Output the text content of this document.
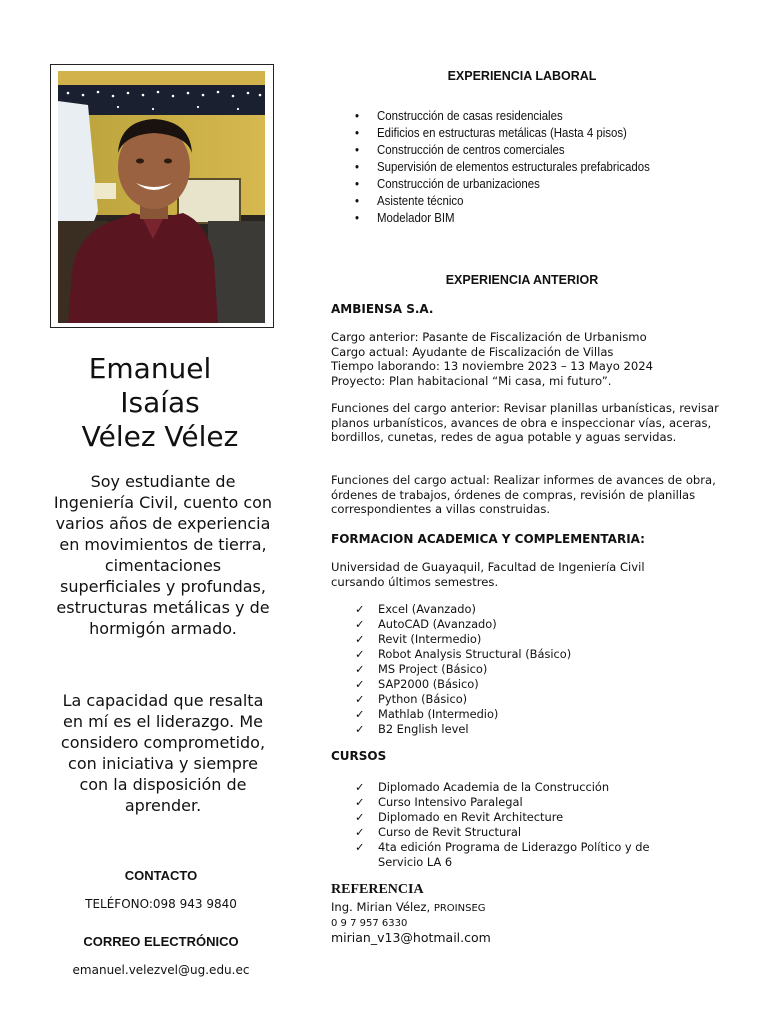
Emanuel
Isaías
Vélez Vélez
Soy estudiante de Ingeniería Civil, cuento con varios años de experiencia en movimientos de tierra, cimentaciones superficiales y profundas, estructuras metálicas y de hormigón armado.
La capacidad que resalta en mí es el liderazgo. Me considero comprometido, con iniciativa y siempre con la disposición de aprender.
CONTACTO
TELÉFONO:098 943 9840
CORREO ELECTRÓNICO
emanuel.velezvel@ug.edu.ec
EXPERIENCIA LABORAL
• Construcción de casas residenciales
• Edificios en estructuras metálicas (Hasta 4 pisos)
• Construcción de centros comerciales
• Supervisión de elementos estructurales prefabricados
• Construcción de urbanizaciones
• Asistente técnico
• Modelador BIM
EXPERIENCIA ANTERIOR
AMBIENSA S.A.
Cargo anterior: Pasante de Fiscalización de Urbanismo
Cargo actual: Ayudante de Fiscalización de Villas
Tiempo laborando: 13 noviembre 2023 – 13 Mayo 2024
Proyecto: Plan habitacional “Mi casa, mi futuro”.
Funciones del cargo anterior: Revisar planillas urbanísticas, revisar planos urbanísticos, avances de obra e inspeccionar vías, aceras, bordillos, cunetas, redes de agua potable y aguas servidas.
Funciones del cargo actual: Realizar informes de avances de obra, órdenes de trabajos, órdenes de compras, revisión de planillas correspondientes a villas construidas.
FORMACION ACADEMICA Y COMPLEMENTARIA:
Universidad de Guayaquil, Facultad de Ingeniería Civil cursando últimos semestres.
✓ Excel (Avanzado)
✓ AutoCAD (Avanzado)
✓ Revit (Intermedio)
✓ Robot Analysis Structural (Básico)
✓ MS Project (Básico)
✓ SAP2000 (Básico)
✓ Python (Básico)
✓ Mathlab (Intermedio)
✓ B2 English level
CURSOS
✓ Diplomado Academia de la Construcción
✓ Curso Intensivo Paralegal
✓ Diplomado en Revit Architecture
✓ Curso de Revit Structural
✓ 4ta edición Programa de Liderazgo Político y de Servicio LA 6
REFERENCIA
Ing. Mirian Vélez, PROINSEG
0 9 7 957 6330
mirian_v13@hotmail.com
